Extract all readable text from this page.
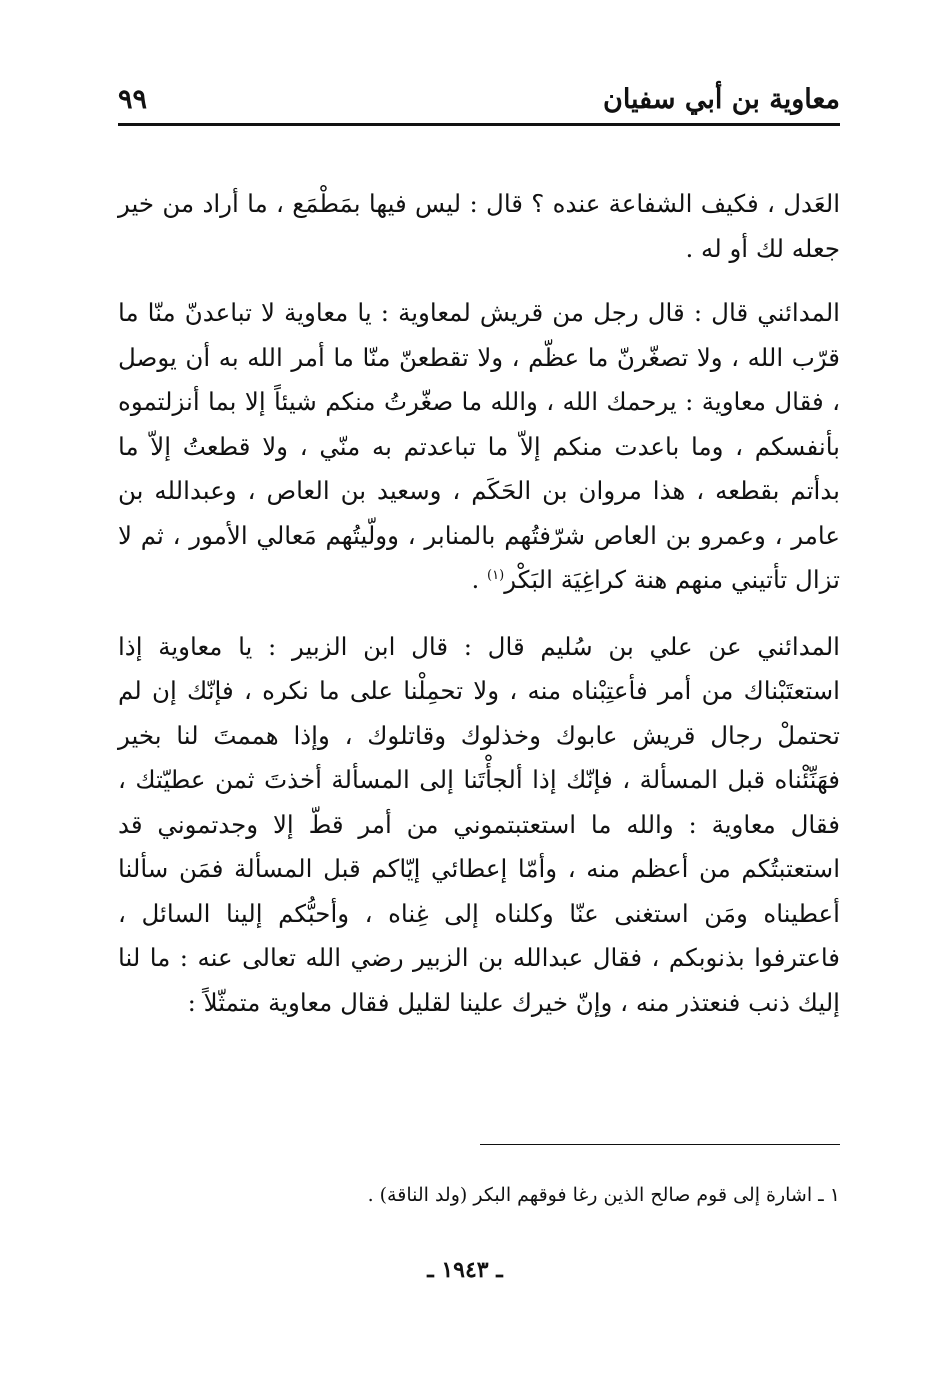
معاوية بن أبي سفيان
٩٩

العَدل ، فكيف الشفاعة عنده ؟ قال : ليس فيها بمَطْمَع ، ما أراد من خير جعله لك أو له .

المدائني قال : قال رجل من قريش لمعاوية : يا معاوية لا تباعدنّ منّا ما قرّب الله ، ولا تصغّرنّ ما عظّم ، ولا تقطعنّ منّا ما أمر الله به أن يوصل ، فقال معاوية : يرحمك الله ، والله ما صغّرتُ منكم شيئاً إلا بما أنزلتموه بأنفسكم ، وما باعدت منكم إلاّ ما تباعدتم به منّي ، ولا قطعتُ إلاّ ما بدأتم بقطعه ، هذا مروان بن الحَكَم ، وسعيد بن العاص ، وعبدالله بن عامر ، وعمرو بن العاص شرّفتُهم بالمنابر ، وولّيتُهم مَعالي الأمور ، ثم لا تزال تأتيني منهم هنة كراغِيَة البَكْر$^{(١)}$ .

المدائني عن علي بن سُليم قال : قال ابن الزبير : يا معاوية إذا استعتَبْناك من أمر فأعتِبْناه منه ، ولا تحمِلْنا على ما نكره ، فإنّك إن لم تحتملْ رجال قريش عابوك وخذلوك وقاتلوك ، وإذا هممتَ لنا بخير فهَنِّئْناه قبل المسألة ، فإنّك إذا ألجأْتَنا إلى المسألة أخذتَ ثمن عطيّتك ، فقال معاوية : والله ما استعتبتموني من أمر قطّ إلا وجدتموني قد استعتبتُكم من أعظم منه ، وأمّا إعطائي إيّاكم قبل المسألة فمَن سألنا أعطيناه ومَن استغنى عنّا وكلناه إلى غِناه ، وأحبُّكم إلينا السائل ، فاعترفوا بذنوبكم ، فقال عبدالله بن الزبير رضي الله تعالى عنه : ما لنا إليك ذنب فنعتذر منه ، وإنّ خيرك علينا لقليل فقال معاوية متمثّلاً :

١ ـ اشارة إلى قوم صالح الذين رغا فوقهم البكر (ولد الناقة) .
ـ ١٩٤٣ ـ
